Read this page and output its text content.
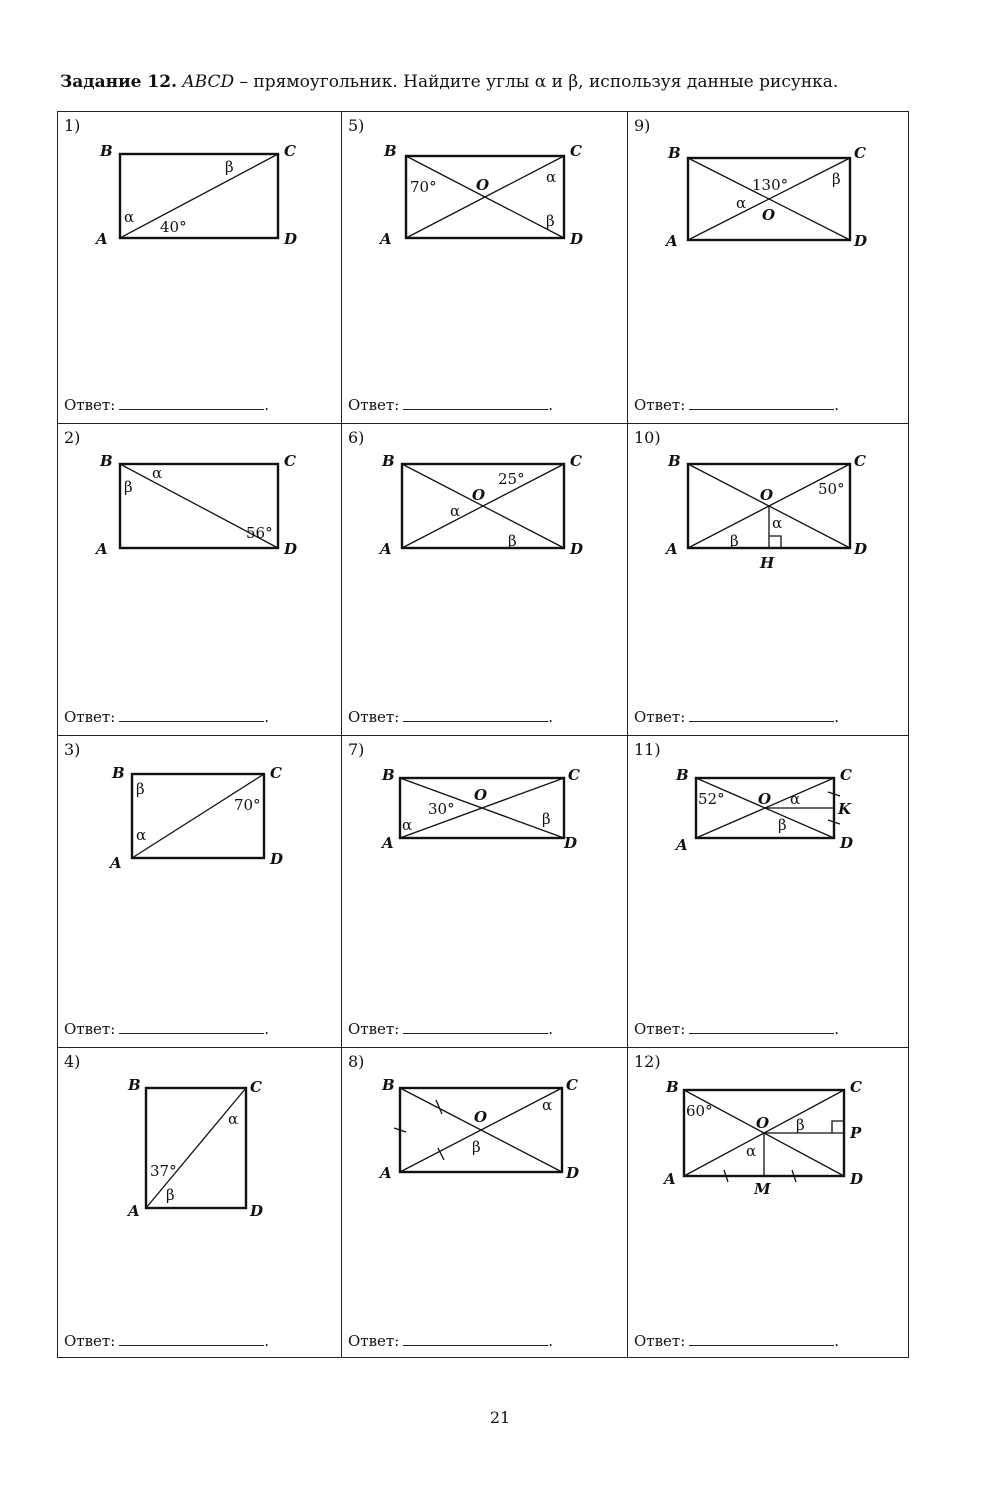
Задание 12. ABCD – прямоугольник. Найдите углы α и β, используя данные рисунка.
1)
B	C
A	D
α
β
40°
Ответ:	.
2)
B	C
A	D
α
β
56°
Ответ:	.
3)
B	C
A	D
α
β
70°
Ответ:	.
4)
B	C
A	D
α
β
37°
Ответ:	.
5)
B	C
A	D
O	α
β
70°
Ответ:	.
6)
B	C
A	D
O
α
β
25°
Ответ:	.
7)
B	C
A	D
O
α	β
30°
Ответ:	.
8)
B	C
A	D
O
α
β
Ответ:	.
9)
B	C
A	D
O
α
β
130°
Ответ:	.
10)
B	C
A	D
O
H
α
β
50°
Ответ:	.
11)
B	C
A	D
O
K
α
β
52°
Ответ:	.
12)
B	C
A	D
O
P
M
α
β
60°
Ответ:	.
21
